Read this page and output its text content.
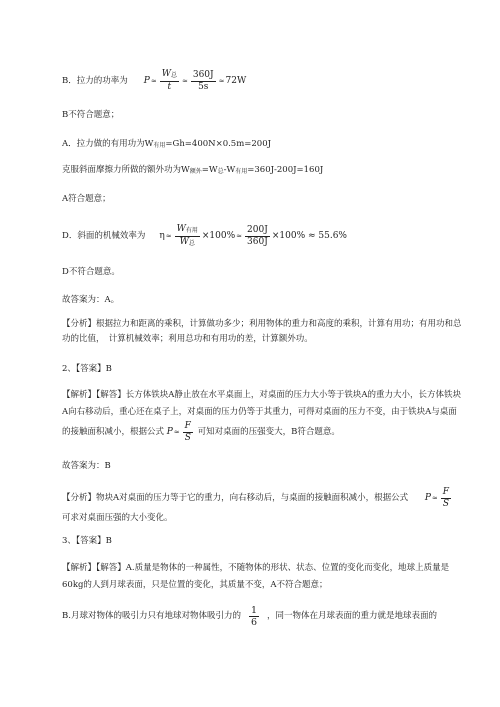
B．拉力的功率为 $P \approx \frac{\text{W总}}{t} \approx \frac{360J}{5s} \approx 72W$
B不符合题意；
A．拉力做的有用功为W有用=Gh=400N×0.5m=200J
克服斜面摩擦力所做的额外功为W额外=W总-W有用=360J-200J=160J
A符合题意；
D．斜面的机械效率为 $\eta \approx \frac{\text{W有用}}{\text{W总}} \times 100\% \approx \frac{200J}{360J} \times 100\% \approx 55.6\%$
D不符合题意。
故答案为：A。
【分析】根据拉力和距离的乘积，计算做功多少；利用物体的重力和高度的乘积，计算有用功；有用功和总功的比值，　计算机械效率；利用总功和有用功的差，计算额外功。
2、【答案】B
【解析】【解答】长方体铁块A静止放在水平桌面上，对桌面的压力大小等于铁块A的重力大小，长方体铁块A向右移动后，重心还在桌子上，对桌面的压力仍等于其重力，可得对桌面的压力不变，由于铁块A与桌面的接触面积减小，根据公式 $P \approx \frac{F}{S}$ 可知对桌面的压强变大，B符合题意。
故答案为：B
【分析】物块A对桌面的压力等于它的重力，向右移动后，与桌面的接触面积减小，根据公式 $P \approx \frac{F}{S}$

可求对桌面压强的大小变化。
3、【答案】B
【解析】【解答】A.质量是物体的一种属性，不随物体的形状、状态、位置的变化而变化，地球上质量是60kg的人到月球表面，只是位置的变化，其质量不变，A不符合题意；
B.月球对物体的吸引力只有地球对物体吸引力的 $\frac{1}{6}$ ，同一物体在月球表面的重力就是地球表面的
